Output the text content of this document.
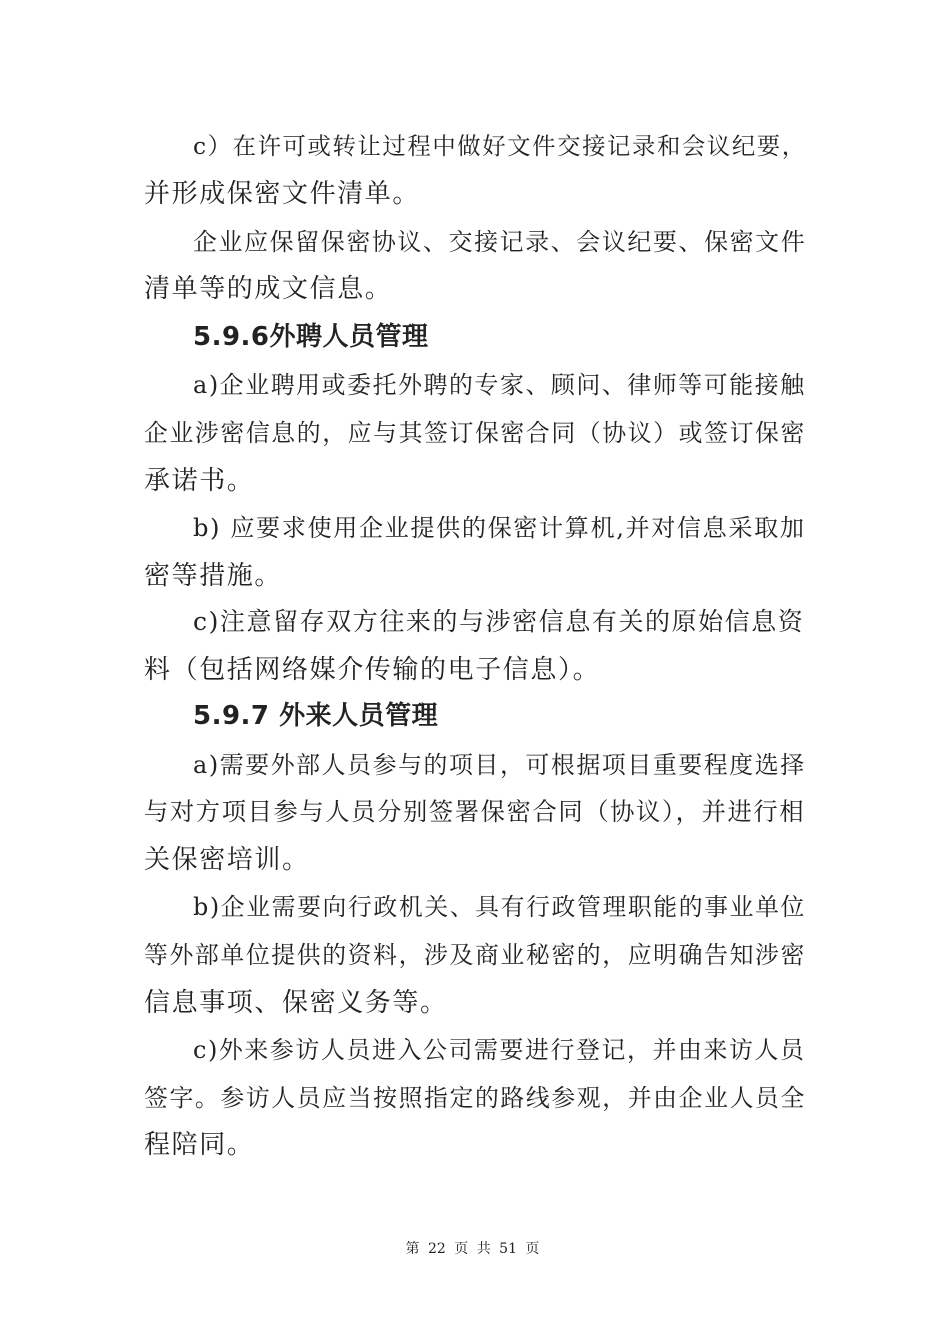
c）在许可或转让过程中做好文件交接记录和会议纪要，
并形成保密文件清单。
企业应保留保密协议、交接记录、会议纪要、保密文件
清单等的成文信息。
5.9.6外聘人员管理
a)企业聘用或委托外聘的专家、顾问、律师等可能接触
企业涉密信息的，应与其签订保密合同（协议）或签订保密
承诺书。
b) 应要求使用企业提供的保密计算机,并对信息采取加
密等措施。
c)注意留存双方往来的与涉密信息有关的原始信息资
料（包括网络媒介传输的电子信息）。
5.9.7 外来人员管理
a)需要外部人员参与的项目，可根据项目重要程度选择
与对方项目参与人员分别签署保密合同（协议），并进行相
关保密培训。
b)企业需要向行政机关、具有行政管理职能的事业单位
等外部单位提供的资料，涉及商业秘密的，应明确告知涉密
信息事项、保密义务等。
c)外来参访人员进入公司需要进行登记，并由来访人员
签字。参访人员应当按照指定的路线参观，并由企业人员全
程陪同。
第 22 页 共 51 页
